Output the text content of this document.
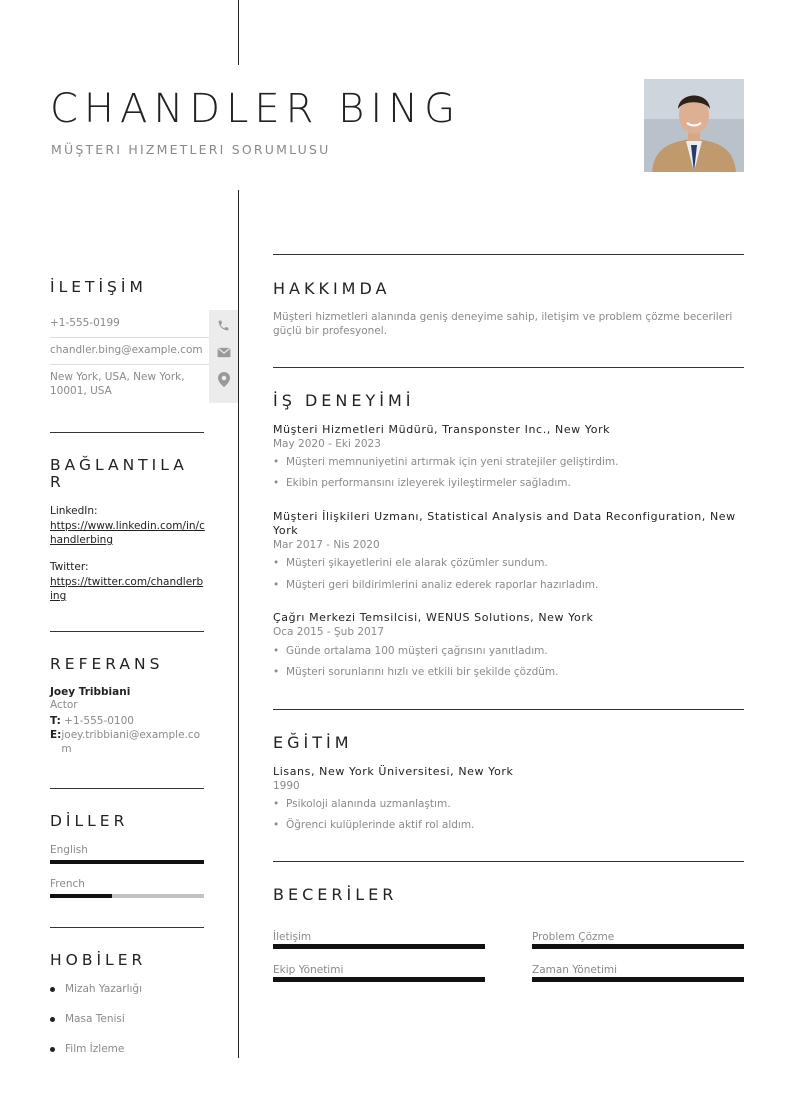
CHANDLER BING
MÜŞTERI HIZMETLERI SORUMLUSU
İLETİŞİM
+1-555-0199
chandler.bing@example.com
New York, USA, New York, 10001, USA
BAĞLANTILA
R
LinkedIn:
https://www.linkedin.com/in/chandlerbing
Twitter:
https://twitter.com/chandlerbing
REFERANS
Joey Tribbiani
Actor
T: +1-555-0100
E: joey.tribbiani@example.com
DİLLER
English
French
HOBİLER
Mizah Yazarlığı
Masa Tenisi
Film İzleme
HAKKIMDA
Müşteri hizmetleri alanında geniş deneyime sahip, iletişim ve problem çözme becerileri güçlü bir profesyonel.
İŞ DENEYİMİ
Müşteri Hizmetleri Müdürü, Transponster Inc., New York
May 2020 - Eki 2023
• Müşteri memnuniyetini artırmak için yeni stratejiler geliştirdim.
• Ekibin performansını izleyerek iyileştirmeler sağladım.
Müşteri İlişkileri Uzmanı, Statistical Analysis and Data Reconfiguration, New York
Mar 2017 - Nis 2020
• Müşteri şikayetlerini ele alarak çözümler sundum.
• Müşteri geri bildirimlerini analiz ederek raporlar hazırladım.
Çağrı Merkezi Temsilcisi, WENUS Solutions, New York
Oca 2015 - Şub 2017
• Günde ortalama 100 müşteri çağrısını yanıtladım.
• Müşteri sorunlarını hızlı ve etkili bir şekilde çözdüm.
EĞİTİM
Lisans, New York Üniversitesi, New York
1990
• Psikoloji alanında uzmanlaştım.
• Öğrenci kulüplerinde aktif rol aldım.
BECERİLER
İletişim	Problem Çözme
Ekip Yönetimi	Zaman Yönetimi
